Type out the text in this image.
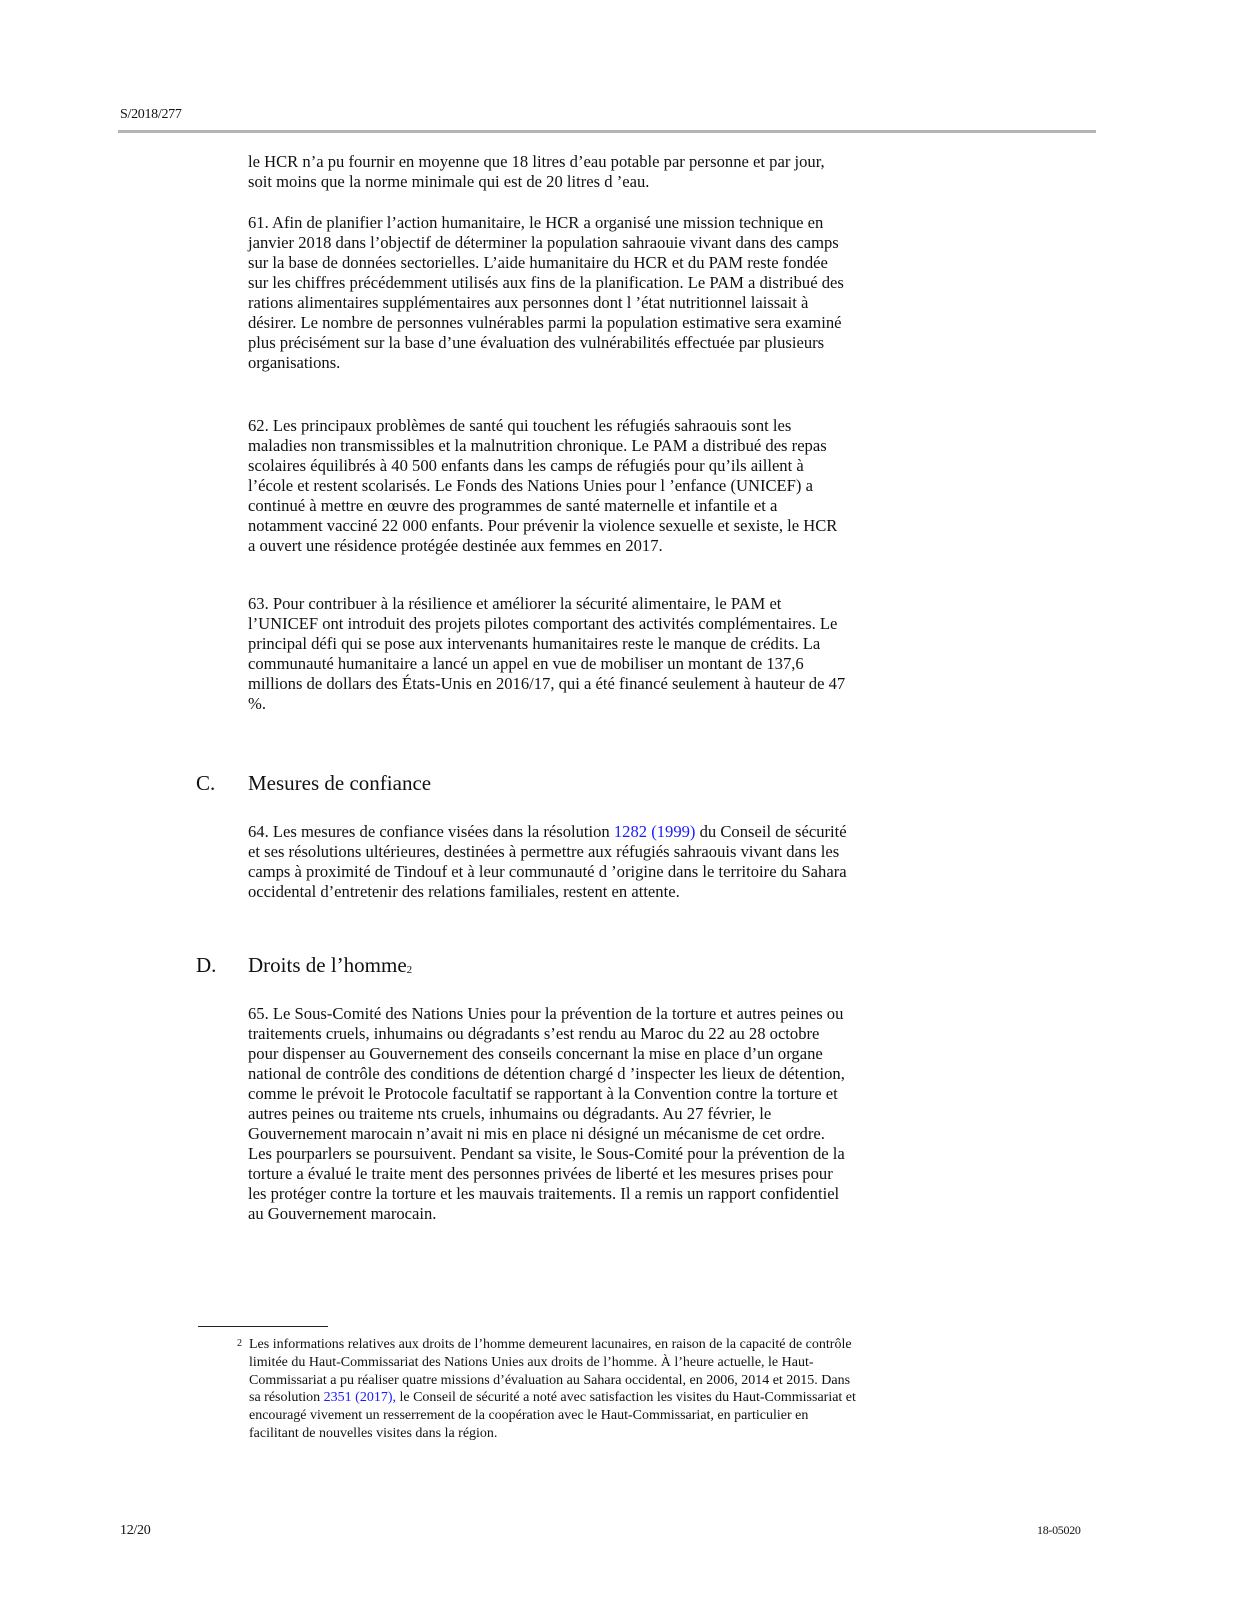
S/2018/277

le HCR n’a pu fournir en moyenne que 18 litres d’eau potable par personne et par jour, soit moins que la norme minimale qui est de 20 litres d ’eau.

61. Afin de planifier l’action humanitaire, le HCR a organisé une mission technique en janvier 2018 dans l’objectif de déterminer la population sahraouie vivant dans des camps sur la base de données sectorielles. L’aide humanitaire du HCR et du PAM reste fondée sur les chiffres précédemment utilisés aux fins de la planification. Le PAM a distribué des rations alimentaires supplémentaires aux personnes dont l ’état nutritionnel laissait à désirer. Le nombre de personnes vulnérables parmi la population estimative sera examiné plus précisément sur la base d’une évaluation des vulnérabilités effectuée par plusieurs organisations.

62. Les principaux problèmes de santé qui touchent les réfugiés sahraouis sont les maladies non transmissibles et la malnutrition chronique. Le PAM a distribué des repas scolaires équilibrés à 40 500 enfants dans les camps de réfugiés pour qu’ils aillent à l’école et restent scolarisés. Le Fonds des Nations Unies pour l ’enfance (UNICEF) a continué à mettre en œuvre des programmes de santé maternelle et infantile et a notamment vacciné 22 000 enfants. Pour prévenir la violence sexuelle et sexiste, le HCR a ouvert une résidence protégée destinée aux femmes en 2017.

63. Pour contribuer à la résilience et améliorer la sécurité alimentaire, le PAM et l’UNICEF ont introduit des projets pilotes comportant des activités complémentaires. Le principal défi qui se pose aux intervenants humanitaires reste le manque de crédits. La communauté humanitaire a lancé un appel en vue de mobiliser un montant de 137,6 millions de dollars des États-Unis en 2016/17, qui a été financé seulement à hauteur de 47 %.

C. Mesures de confiance

64. Les mesures de confiance visées dans la résolution 1282 (1999) du Conseil de sécurité et ses résolutions ultérieures, destinées à permettre aux réfugiés sahraouis vivant dans les camps à proximité de Tindouf et à leur communauté d ’origine dans le territoire du Sahara occidental d’entretenir des relations familiales, restent en attente.

D. Droits de l’homme$_2$

65. Le Sous-Comité des Nations Unies pour la prévention de la torture et autres peines ou traitements cruels, inhumains ou dégradants s’est rendu au Maroc du 22 au 28 octobre pour dispenser au Gouvernement des conseils concernant la mise en place d’un organe national de contrôle des conditions de détention chargé d ’inspecter les lieux de détention, comme le prévoit le Protocole facultatif se rapportant à la Convention contre la torture et autres peines ou traiteme nts cruels, inhumains ou dégradants. Au 27 février, le Gouvernement marocain n’avait ni mis en place ni désigné un mécanisme de cet ordre. Les pourparlers se poursuivent. Pendant sa visite, le Sous-Comité pour la prévention de la torture a évalué le traite ment des personnes privées de liberté et les mesures prises pour les protéger contre la torture et les mauvais traitements. Il a remis un rapport confidentiel au Gouvernement marocain.

2 Les informations relatives aux droits de l’homme demeurent lacunaires, en raison de la capacité de contrôle limitée du Haut-Commissariat des Nations Unies aux droits de l’homme. À l’heure actuelle, le Haut-Commissariat a pu réaliser quatre missions d’évaluation au Sahara occidental, en 2006, 2014 et 2015. Dans sa résolution 2351 (2017), le Conseil de sécurité a noté avec satisfaction les visites du Haut-Commissariat et encouragé vivement un resserrement de la coopération avec le Haut-Commissariat, en particulier en facilitant de nouvelles visites dans la région.
12/20	18-05020
